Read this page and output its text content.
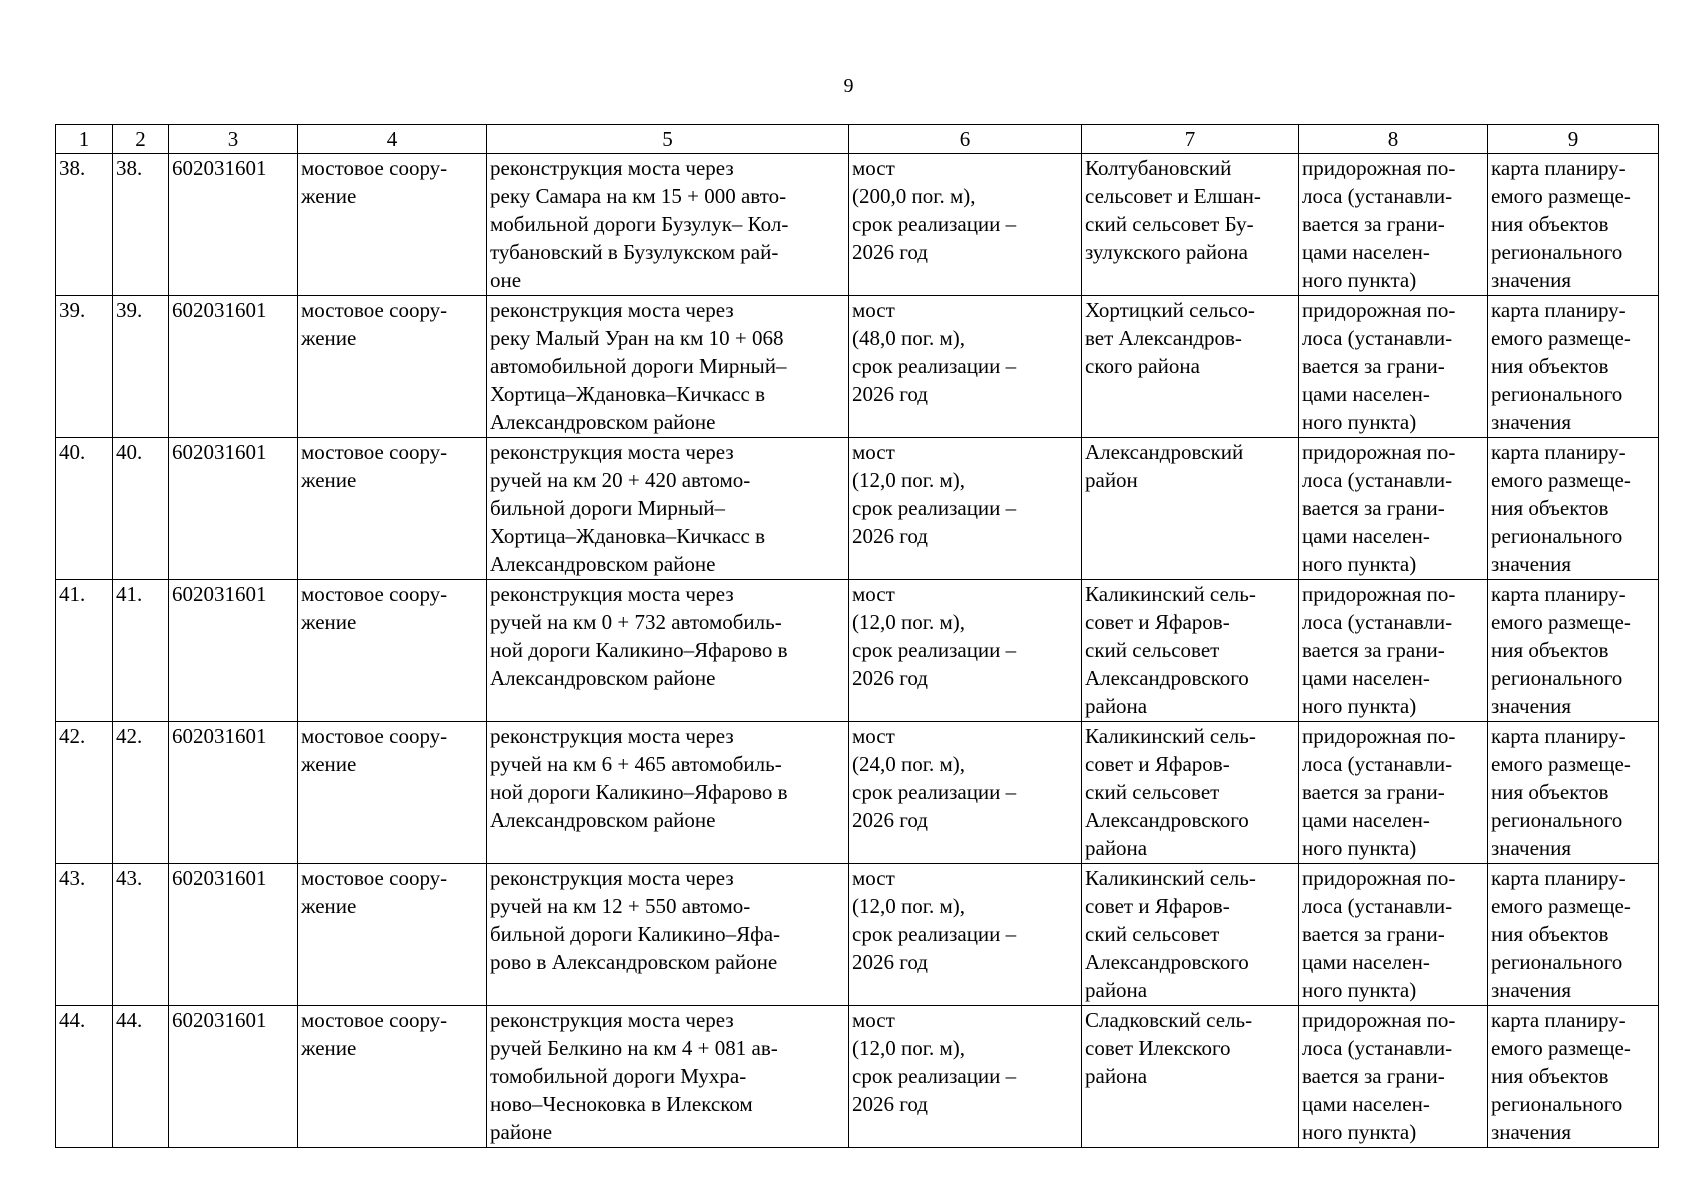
9
1	2	3	4	5	6	7	8	9
38.	38.	602031601	мостовое соору-
жение	реконструкция моста через
реку Самара на км 15 + 000 авто-
мобильной дороги Бузулук– Кол-
тубановский в Бузулукском рай-
оне	мост
(200,0 пог. м),
срок реализации –
2026 год	Колтубановский
сельсовет и Елшан-
ский сельсовет Бу-
зулукского района	придорожная по-
лоса (устанавли-
вается за грани-
цами населен-
ного пункта)	карта планиру-
емого размеще-
ния объектов
регионального
значения
39.	39.	602031601	мостовое соору-
жение	реконструкция моста через
реку Малый Уран на км 10 + 068
автомобильной дороги Мирный–
Хортица–Ждановка–Кичкасс в
Александровском районе	мост
(48,0 пог. м),
срок реализации –
2026 год	Хортицкий сельсо-
вет Александров-
ского района	придорожная по-
лоса (устанавли-
вается за грани-
цами населен-
ного пункта)	карта планиру-
емого размеще-
ния объектов
регионального
значения
40.	40.	602031601	мостовое соору-
жение	реконструкция моста через
ручей на км 20 + 420 автомо-
бильной дороги Мирный–
Хортица–Ждановка–Кичкасс в
Александровском районе	мост
(12,0 пог. м),
срок реализации –
2026 год	Александровский
район	придорожная по-
лоса (устанавли-
вается за грани-
цами населен-
ного пункта)	карта планиру-
емого размеще-
ния объектов
регионального
значения
41.	41.	602031601	мостовое соору-
жение	реконструкция моста через
ручей на км 0 + 732 автомобиль-
ной дороги Каликино–Яфарово в
Александровском районе	мост
(12,0 пог. м),
срок реализации –
2026 год	Каликинский сель-
совет и Яфаров-
ский сельсовет
Александровского
района	придорожная по-
лоса (устанавли-
вается за грани-
цами населен-
ного пункта)	карта планиру-
емого размеще-
ния объектов
регионального
значения
42.	42.	602031601	мостовое соору-
жение	реконструкция моста через
ручей на км 6 + 465 автомобиль-
ной дороги Каликино–Яфарово в
Александровском районе	мост
(24,0 пог. м),
срок реализации –
2026 год	Каликинский сель-
совет и Яфаров-
ский сельсовет
Александровского
района	придорожная по-
лоса (устанавли-
вается за грани-
цами населен-
ного пункта)	карта планиру-
емого размеще-
ния объектов
регионального
значения
43.	43.	602031601	мостовое соору-
жение	реконструкция моста через
ручей на км 12 + 550 автомо-
бильной дороги Каликино–Яфа-
рово в Александровском районе	мост
(12,0 пог. м),
срок реализации –
2026 год	Каликинский сель-
совет и Яфаров-
ский сельсовет
Александровского
района	придорожная по-
лоса (устанавли-
вается за грани-
цами населен-
ного пункта)	карта планиру-
емого размеще-
ния объектов
регионального
значения
44.	44.	602031601	мостовое соору-
жение	реконструкция моста через
ручей Белкино на км 4 + 081 ав-
томобильной дороги Мухра-
ново–Чесноковка в Илекском
районе	мост
(12,0 пог. м),
срок реализации –
2026 год	Сладковский сель-
совет Илекского
района	придорожная по-
лоса (устанавли-
вается за грани-
цами населен-
ного пункта)	карта планиру-
емого размеще-
ния объектов
регионального
значения
